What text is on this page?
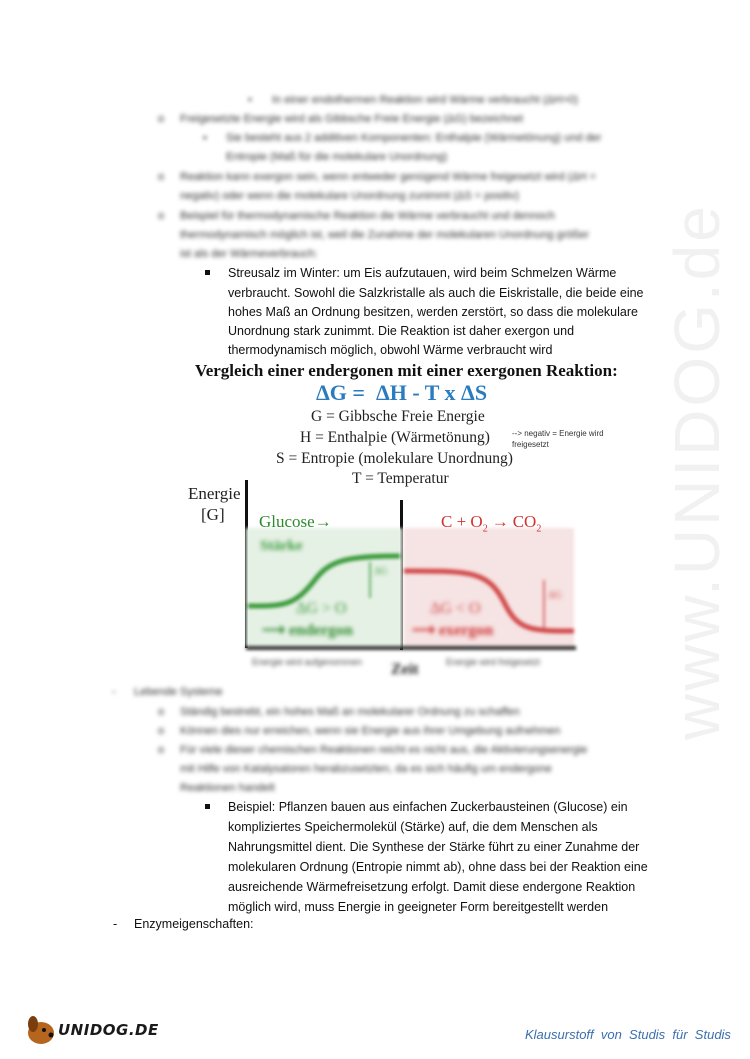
www.UNIDOG.de
• In einer endothermen Reaktion wird Wärme verbraucht (ΔH>0)
o Freigesetzte Energie wird als Gibbsche Freie Energie (ΔG) bezeichnet
▪ Sie besteht aus 2 additiven Komponenten: Enthalpie (Wärmetönung) und der
Entropie (Maß für die molekulare Unordnung)
o Reaktion kann exergon sein, wenn entweder genügend Wärme freigesetzt wird (ΔH =
negativ) oder wenn die molekulare Unordnung zunimmt (ΔS = positiv)
o Beispiel für thermodynamische Reaktion die Wärme verbraucht und dennoch
thermodynamisch möglich ist, weil die Zunahme der molekularen Unordnung größer
ist als der Wärmeverbrauch:
Streusalz im Winter: um Eis aufzutauen, wird beim Schmelzen Wärme
verbraucht. Sowohl die Salzkristalle als auch die Eiskristalle, die beide eine
hohes Maß an Ordnung besitzen, werden zerstört, so dass die molekulare
Unordnung stark zunimmt. Die Reaktion ist daher exergon und
thermodynamisch möglich, obwohl Wärme verbraucht wird
Vergleich einer endergonen mit einer exergonen Reaktion:
ΔG =  ΔH - T x ΔS
G = Gibbsche Freie Energie
H = Enthalpie (Wärmetönung)	--> negativ = Energie wird
freigesetzt
S = Entropie (molekulare Unordnung)
T = Temperatur
Energie
[G] Glucose→
Stärke
ΔG
ΔG > O
⟶ endergon
$C + O_2 \to CO_2$
ΔG
ΔG < O
⟶ exergon
Energie wird aufgenommen Zeit	Energie wird freigesetzt
- Lebende Systeme
o Ständig bestrebt, ein hohes Maß an molekularer Ordnung zu schaffen
o Können dies nur erreichen, wenn sie Energie aus ihrer Umgebung aufnehmen
o Für viele dieser chemischen Reaktionen reicht es nicht aus, die Aktivierungsenergie
mit Hilfe von Katalysatoren herabzusetzten, da es sich häufig um endergone
Reaktionen handelt
Beispiel: Pflanzen bauen aus einfachen Zuckerbausteinen (Glucose) ein
kompliziertes Speichermolekül (Stärke) auf, die dem Menschen als
Nahrungsmittel dient. Die Synthese der Stärke führt zu einer Zunahme der
molekularen Ordnung (Entropie nimmt ab), ohne dass bei der Reaktion eine
ausreichende Wärmefreisetzung erfolgt. Damit diese endergone Reaktion
möglich wird, muss Energie in geeigneter Form bereitgestellt werden
- Enzymeigenschaften:
UNIDOG.DE	Klausurstoff  von  Studis  für  Studis
